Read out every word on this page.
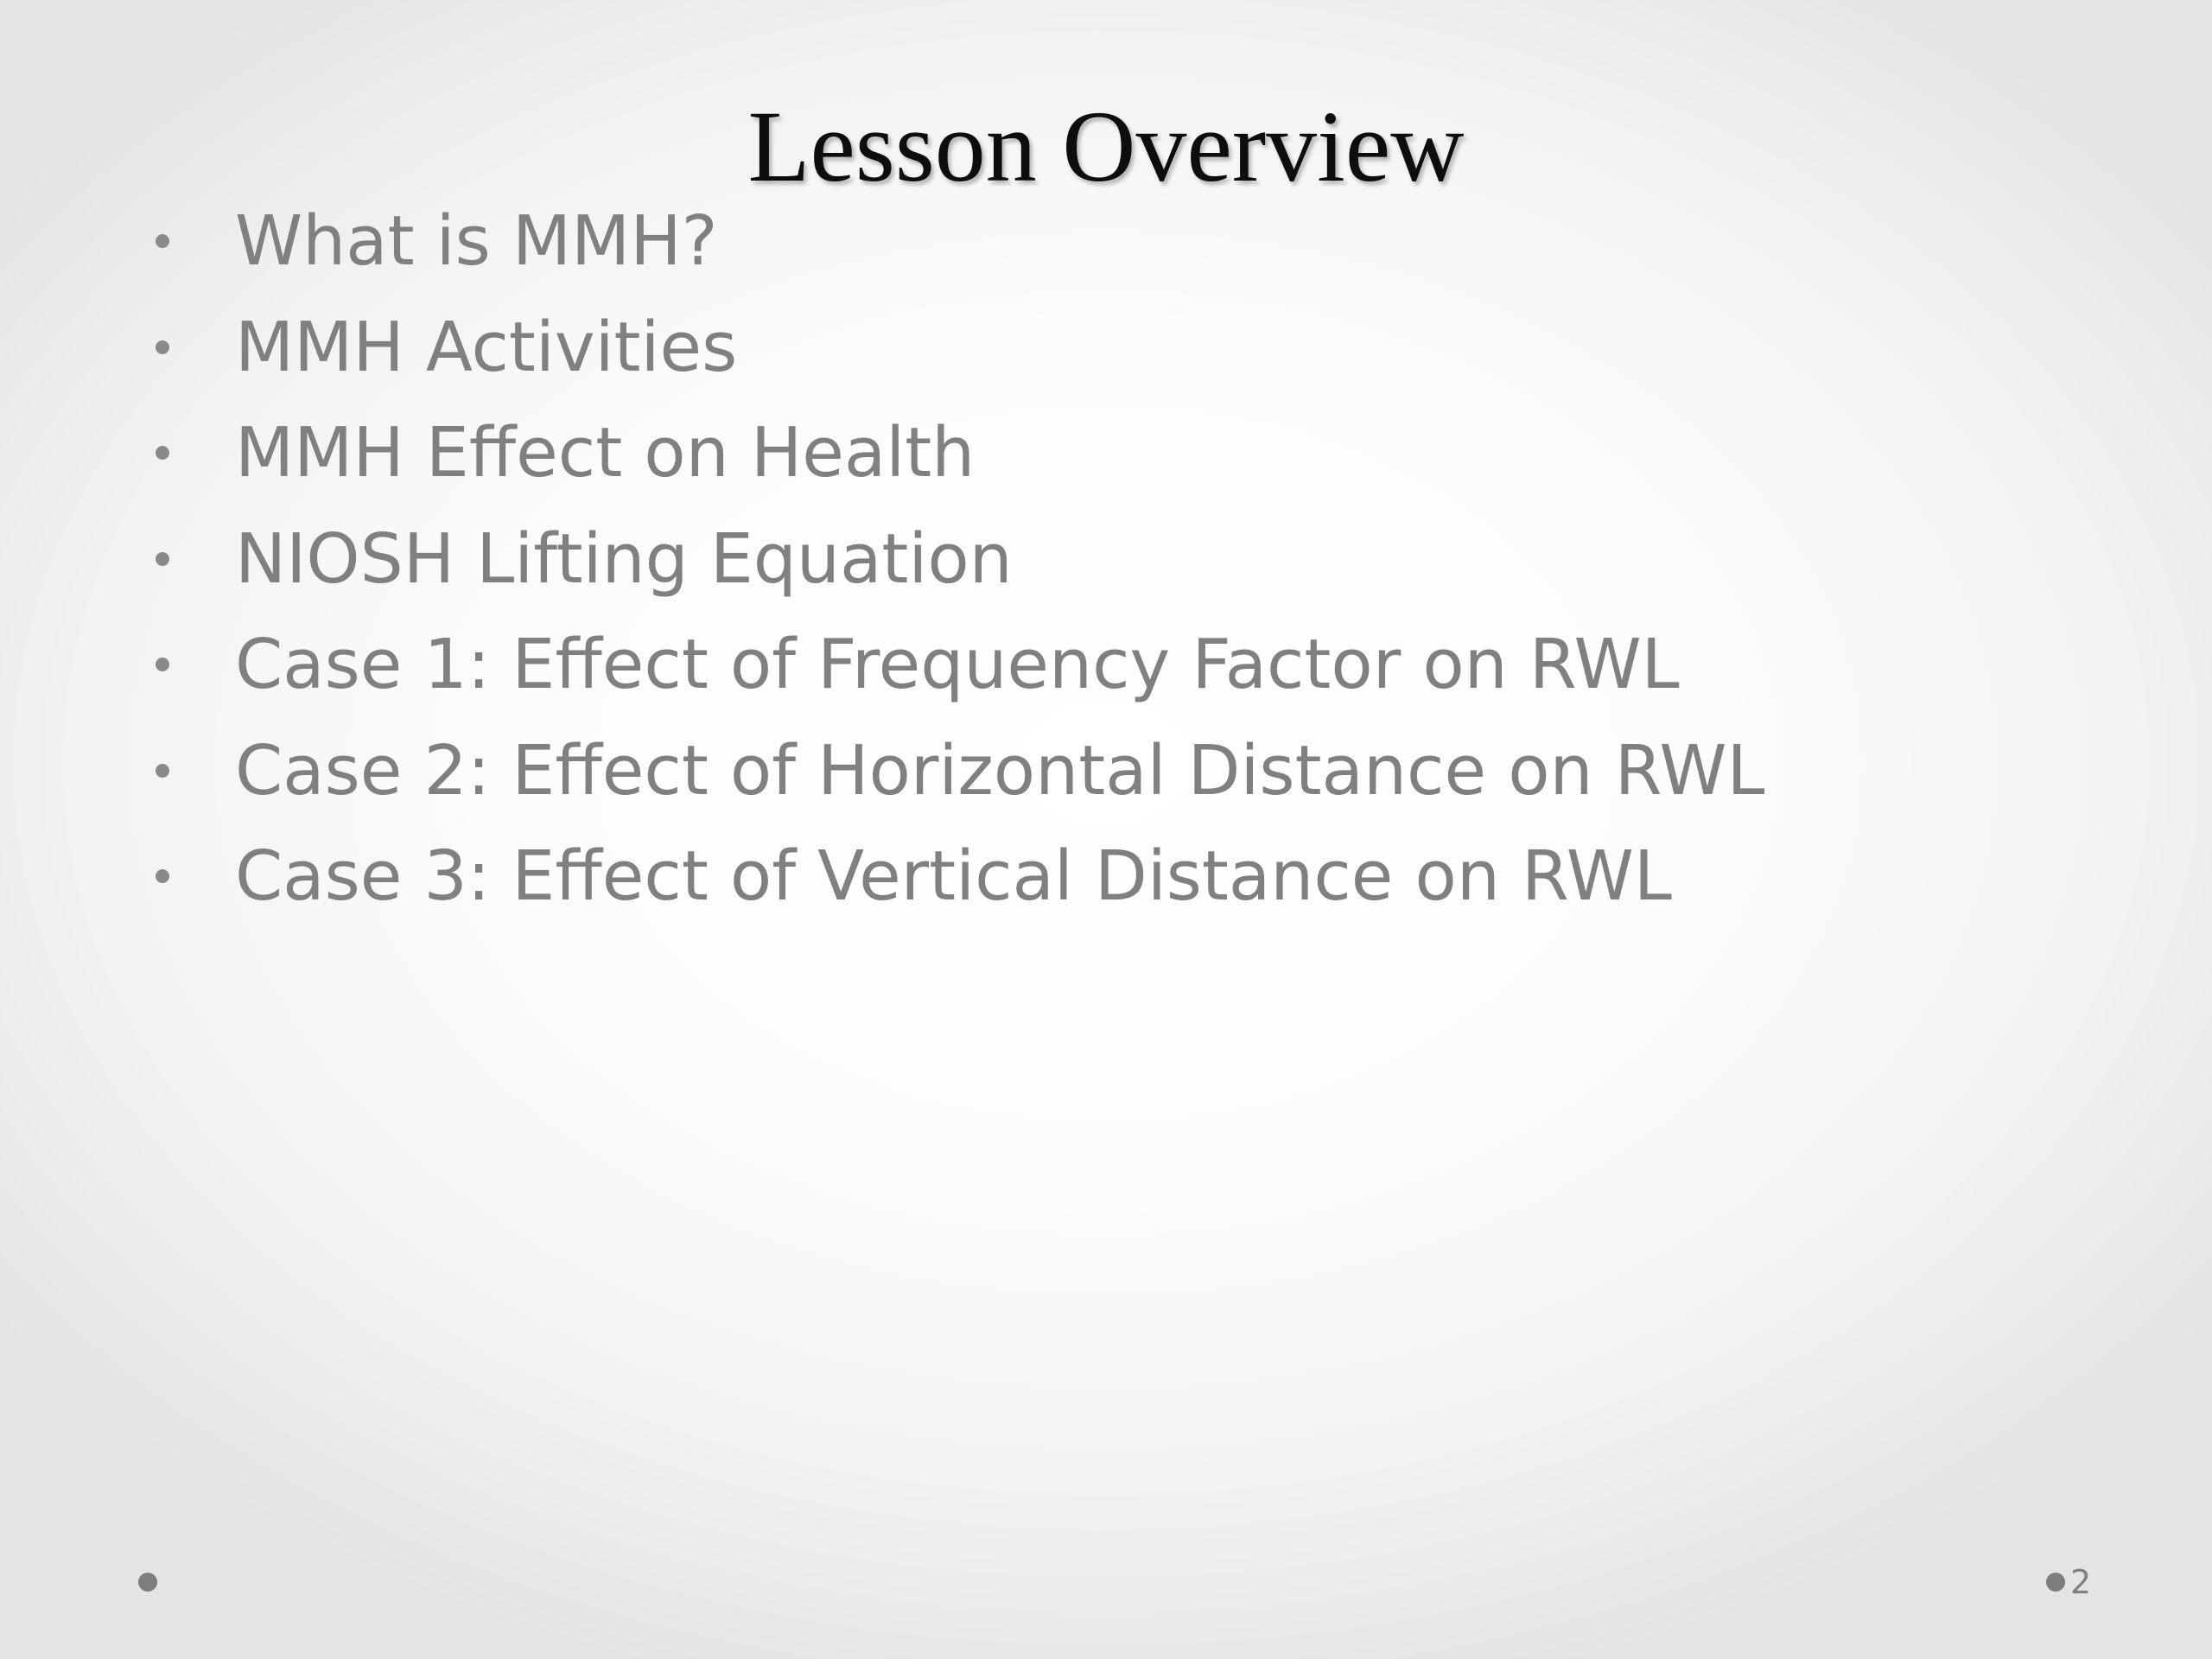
Lesson Overview
What is MMH?
MMH Activities
MMH Effect on Health
NIOSH Lifting Equation
Case 1: Effect of Frequency Factor on RWL
Case 2: Effect of Horizontal Distance on RWL
Case 3: Effect of Vertical Distance on RWL
2
